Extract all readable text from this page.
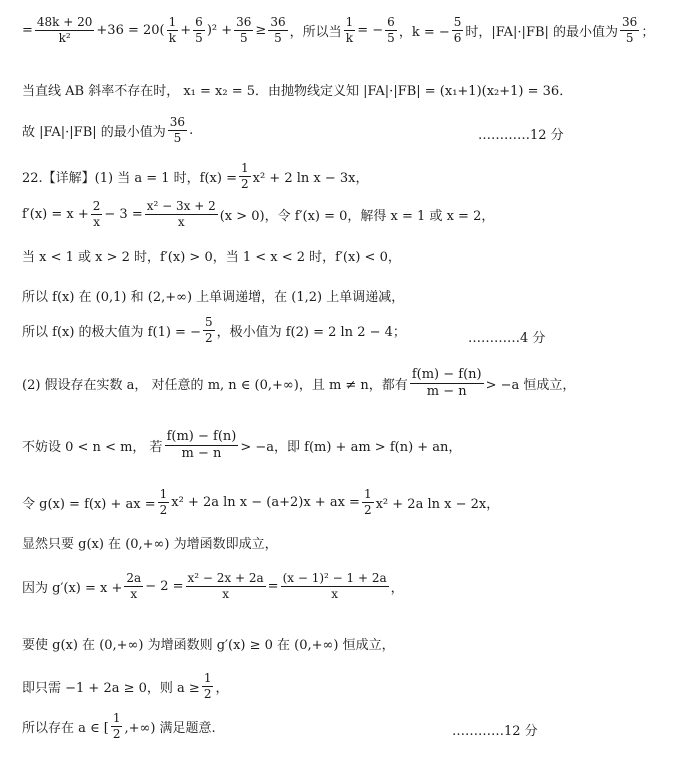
= $\frac{48k + 20}{\text{k²}} +36 = 20( \frac{1}{k} + \frac{6}{5} )^2 + \frac{36}{5} \ge \frac{36}{5}$ ，所以当 $\frac{1}{k}$ = − $\frac{6}{5}$ ，k = − $\frac{5}{6}$ 时，|FA|·|FB| 的最小值为 $\frac{36}{5}$ ；
当直线 AB 斜率不存在时， x₁ = x₂ = 5．由抛物线定义知 |FA|·|FB| = (x₁+1)(x₂+1) = 36．
故 |FA|·|FB| 的最小值为 $\frac{36}{5}$ .	…………12 分
22.【详解】(1) 当 a = 1 时，$f(x) = \frac{1}{2} x^2 + 2$ ln x − 3x，
$f'(x) = x + \frac{2}{x} - 3 = \frac{\text{x² − 3x + 2}}{x} (x > 0)$，令 f′(x) = 0，解得 x = 1 或 x = 2，
当 x < 1 或 x > 2 时，f′(x) > 0，当 1 < x < 2 时，f′(x) < 0，
所以 f(x) 在 (0,1) 和 (2,+∞) 上单调递增，在 (1,2) 上单调递减，
所以 f(x) 的极大值为 f(1) = − $\frac{5}{2}$ ，极小值为 f(2) = 2 ln 2 − 4；	…………4 分
(2) 假设存在实数 a， 对任意的 m, n ∈ (0,+∞)，且 m ≠ n，都有 $\frac{f(m) - f(n)}{m - n} > -a$ 恒成立，
不妨设 0 < n < m， 若 $\frac{f(m) - f(n)}{m - n} > -a$，即 f(m) + am > f(n) + an，
令 g(x) = f(x) + ax = $\frac{1}{2} x^2 + 2a$ ln x − (a+2)x + ax = $\frac{1}{2} x^2 + 2a$ ln x − 2x，
显然只要 g(x) 在 (0,+∞) 为增函数即成立，
因为 $g'(x) = x + \frac{2a}{x} - 2 = \frac{\text{x² − 2x + 2a}}{x} = \frac{\text{(x − 1)² − 1 + 2a}}{x}$ ，
要使 g(x) 在 (0,+∞) 为增函数则 g′(x) ≥ 0 在 (0,+∞) 恒成立，
即只需 −1 + 2a ≥ 0，则 $a \ge \frac{1}{2}$ ，
所以存在 a ∈ [ $\frac{1}{2}$ ,+∞) 满足题意.	…………12 分
